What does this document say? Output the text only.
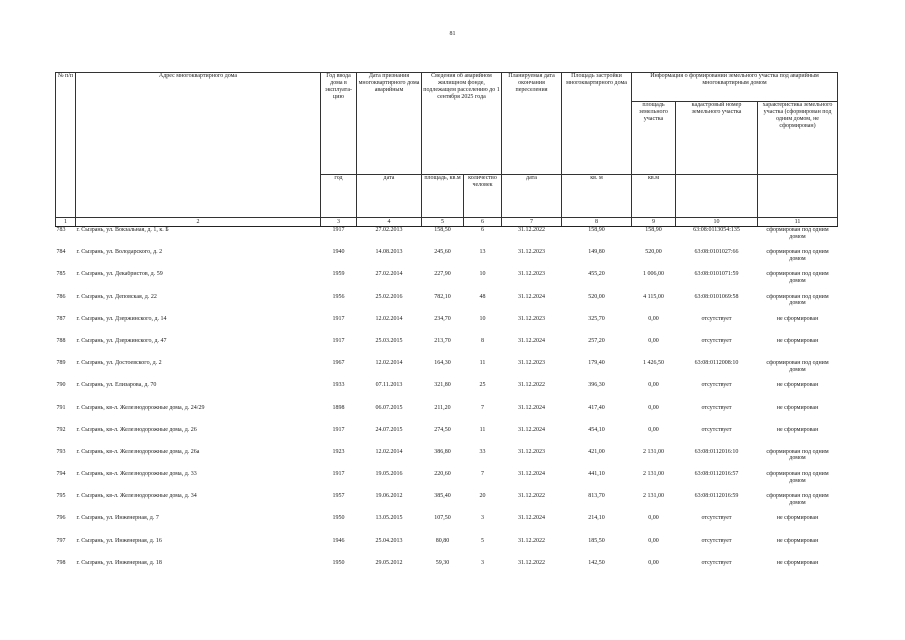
81
№ п/п	Адрес многоквартирного дома	Год ввода дома в эксплуата-цию	Дата признания многоквартирного дома аварийным	Сведения об аварийном жилищном фонде, подлежащем расселению до 1 сентября 2025 года		Планируемая дата окончания переселения	Площадь застройки многоквартирного дома	Информация о формировании земельного участка под аварийным многоквартирным домом		
								площадь земельного участка	кадастровый номер земельного участка	характеристика земельного участка (сформирован под одним домом, не сформирован)
		год	дата	площадь, кв.м	количество человек	дата	кв. м	кв.м		
1	2	3	4	5	6	7	8	9	10	11
783	г. Сызрань, ул. Вокзальная, д. 1, к. Б	1917	27.02.2013	158,50	6	31.12.2022	158,90	158,90	63:08:0113054:135	сформирован под одним домом
784	г. Сызрань, ул. Володарского, д. 2	1940	14.08.2013	245,60	13	31.12.2023	149,80	520,00	63:08:0101027:66	сформирован под одним домом
785	г. Сызрань, ул. Декабристов, д. 59	1959	27.02.2014	227,90	10	31.12.2023	455,20	1 006,00	63:08:0101071:59	сформирован под одним домом
786	г. Сызрань, ул. Деповская, д. 22	1956	25.02.2016	782,10	48	31.12.2024	520,00	4 115,00	63:08:0101069:58	сформирован под одним домом
787	г. Сызрань, ул. Дзержинского, д. 14	1917	12.02.2014	234,70	10	31.12.2023	325,70	0,00	отсутствует	не сформирован
788	г. Сызрань, ул. Дзержинского, д. 47	1917	25.03.2015	213,70	8	31.12.2024	257,20	0,00	отсутствует	не сформирован
789	г. Сызрань, ул. Достоевского, д. 2	1967	12.02.2014	164,30	11	31.12.2023	179,40	1 426,50	63:08:0112008:10	сформирован под одним домом
790	г. Сызрань, ул. Елизарова, д. 70	1933	07.11.2013	321,80	25	31.12.2022	396,30	0,00	отсутствует	не сформирован
791	г. Сызрань, кв-л. Железнодорожные дома, д. 24/29	1898	06.07.2015	211,20	7	31.12.2024	417,40	0,00	отсутствует	не сформирован
792	г. Сызрань, кв-л. Железнодорожные дома, д. 26	1917	24.07.2015	274,50	11	31.12.2024	454,10	0,00	отсутствует	не сформирован
793	г. Сызрань, кв-л. Железнодорожные дома, д. 26а	1923	12.02.2014	386,80	33	31.12.2023	421,00	2 131,00	63:08:0112016:10	сформирован под одним домом
794	г. Сызрань, кв-л. Железнодорожные дома, д. 33	1917	19.05.2016	220,60	7	31.12.2024	441,10	2 131,00	63:08:0112016:57	сформирован под одним домом
795	г. Сызрань, кв-л. Железнодорожные дома, д. 34	1957	19.06.2012	385,40	20	31.12.2022	813,70	2 131,00	63:08:0112016:59	сформирован под одним домом
796	г. Сызрань, ул. Инженерная, д. 7	1950	13.05.2015	107,50	3	31.12.2024	214,10	0,00	отсутствует	не сформирован
797	г. Сызрань, ул. Инженерная, д. 16	1946	25.04.2013	80,80	5	31.12.2022	185,50	0,00	отсутствует	не сформирован
798	г. Сызрань, ул. Инженерная, д. 18	1950	29.05.2012	59,30	3	31.12.2022	142,50	0,00	отсутствует	не сформирован
